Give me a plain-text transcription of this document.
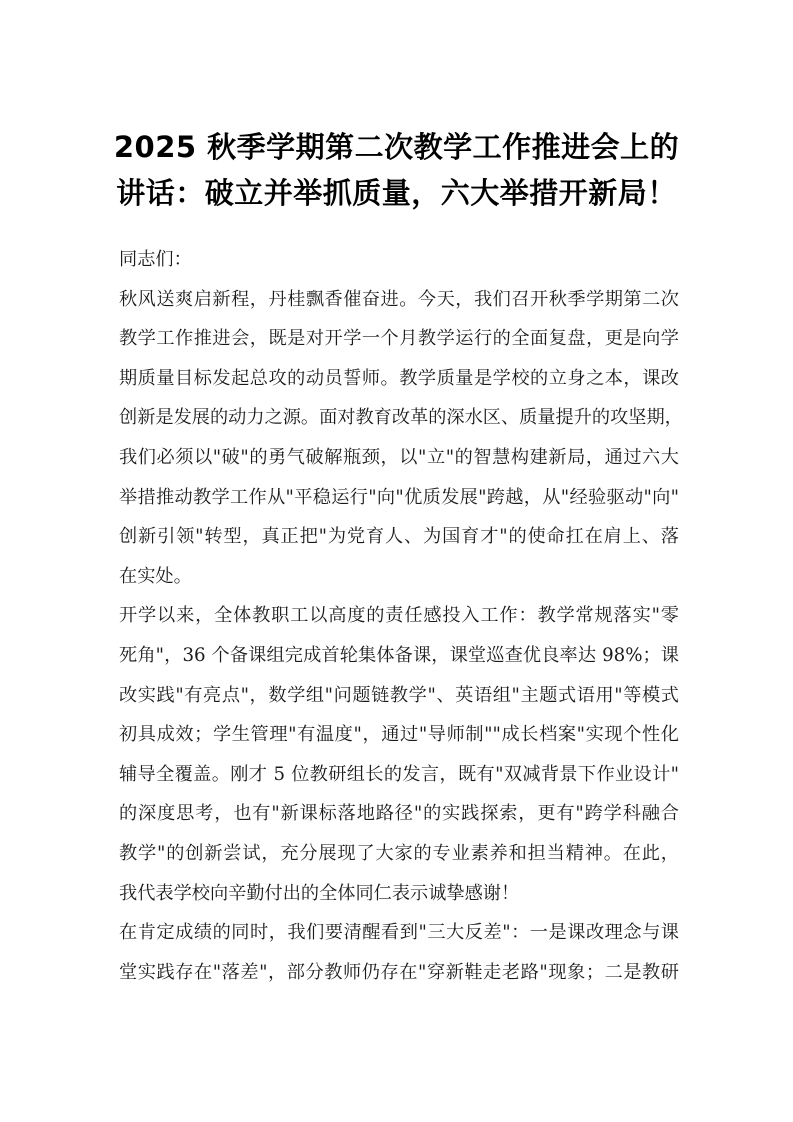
2025 秋季学期第二次教学工作推进会上的
讲话：破立并举抓质量，六大举措开新局！
同志们：
秋风送爽启新程，丹桂飘香催奋进。今天，我们召开秋季学期第二次
教学工作推进会，既是对开学一个月教学运行的全面复盘，更是向学
期质量目标发起总攻的动员誓师。教学质量是学校的立身之本，课改
创新是发展的动力之源。面对教育改革的深水区、质量提升的攻坚期，
我们必须以"破"的勇气破解瓶颈，以"立"的智慧构建新局，通过六大
举措推动教学工作从"平稳运行"向"优质发展"跨越，从"经验驱动"向"
创新引领"转型，真正把"为党育人、为国育才"的使命扛在肩上、落
在实处。
开学以来，全体教职工以高度的责任感投入工作：教学常规落实"零
死角"，36 个备课组完成首轮集体备课，课堂巡查优良率达 98%；课
改实践"有亮点"，数学组"问题链教学"、英语组"主题式语用"等模式
初具成效；学生管理"有温度"，通过"导师制""成长档案"实现个性化
辅导全覆盖。刚才 5 位教研组长的发言，既有"双减背景下作业设计"
的深度思考，也有"新课标落地路径"的实践探索，更有"跨学科融合
教学"的创新尝试，充分展现了大家的专业素养和担当精神。在此，
我代表学校向辛勤付出的全体同仁表示诚挚感谢！
在肯定成绩的同时，我们要清醒看到"三大反差"：一是课改理念与课
堂实践存在"落差"，部分教师仍存在"穿新鞋走老路"现象；二是教研
